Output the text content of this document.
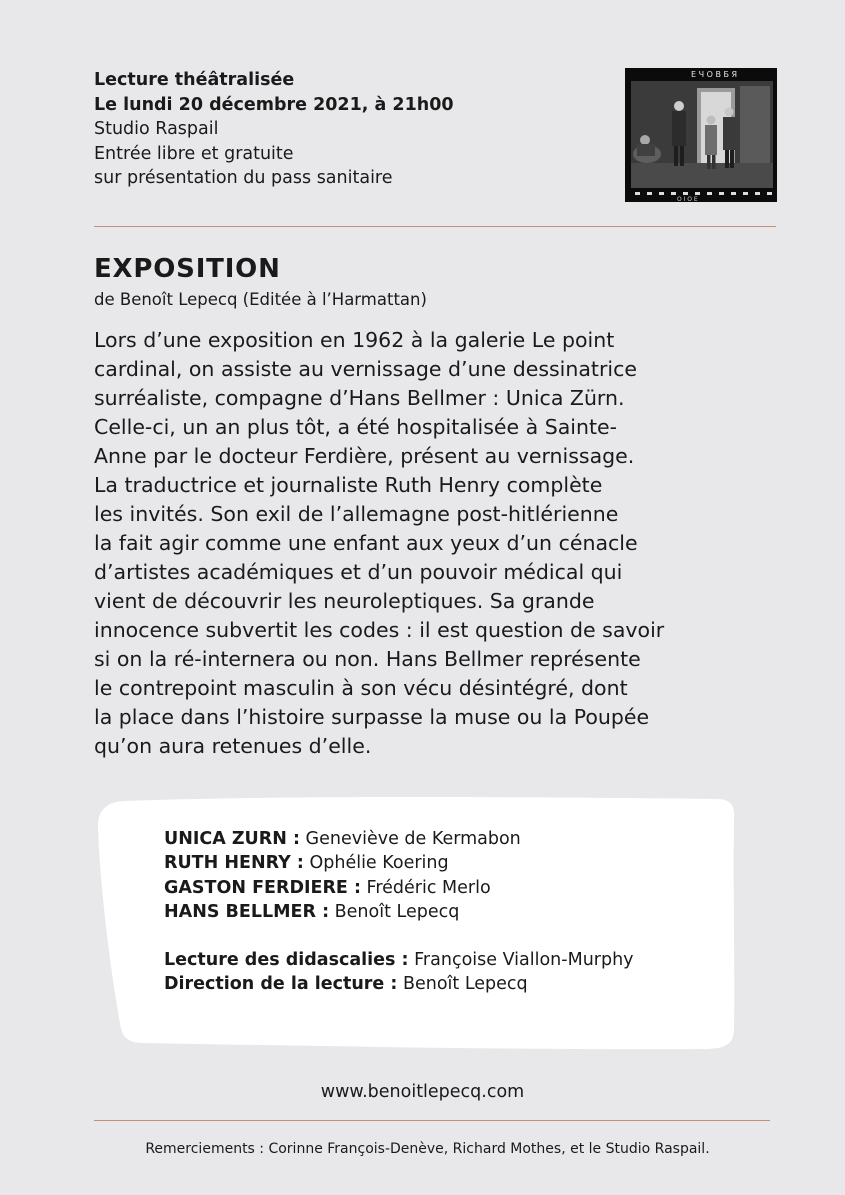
Lecture théâtralisée
Le lundi 20 décembre 2021, à 21h00
Studio Raspail
Entrée libre et gratuite
sur présentation du pass sanitaire
Е Ч О В Б Я
O I O E
EXPOSITION
de Benoît Lepecq (Editée à l’Harmattan)
Lors d’une exposition en 1962 à la galerie Le point
cardinal, on assiste au vernissage d’une dessinatrice
surréaliste, compagne d’Hans Bellmer : Unica Zürn.
Celle-ci, un an plus tôt, a été hospitalisée à Sainte-
Anne par le docteur Ferdière, présent au vernissage.
La traductrice et journaliste Ruth Henry complète
les invités. Son exil de l’allemagne post-hitlérienne
la fait agir comme une enfant aux yeux d’un cénacle
d’artistes académiques et d’un pouvoir médical qui
vient de découvrir les neuroleptiques. Sa grande
innocence subvertit les codes : il est question de savoir
si on la ré-internera ou non. Hans Bellmer représente
le contrepoint masculin à son vécu désintégré, dont
la place dans l’histoire surpasse la muse ou la Poupée
qu’on aura retenues d’elle.
UNICA ZURN : Geneviève de Kermabon
RUTH HENRY : Ophélie Koering
GASTON FERDIERE : Frédéric Merlo
HANS BELLMER : Benoît Lepecq
Lecture des didascalies : Françoise Viallon-Murphy
Direction de la lecture : Benoît Lepecq
www.benoitlepecq.com
Remerciements : Corinne François-Denève, Richard Mothes, et le Studio Raspail.
